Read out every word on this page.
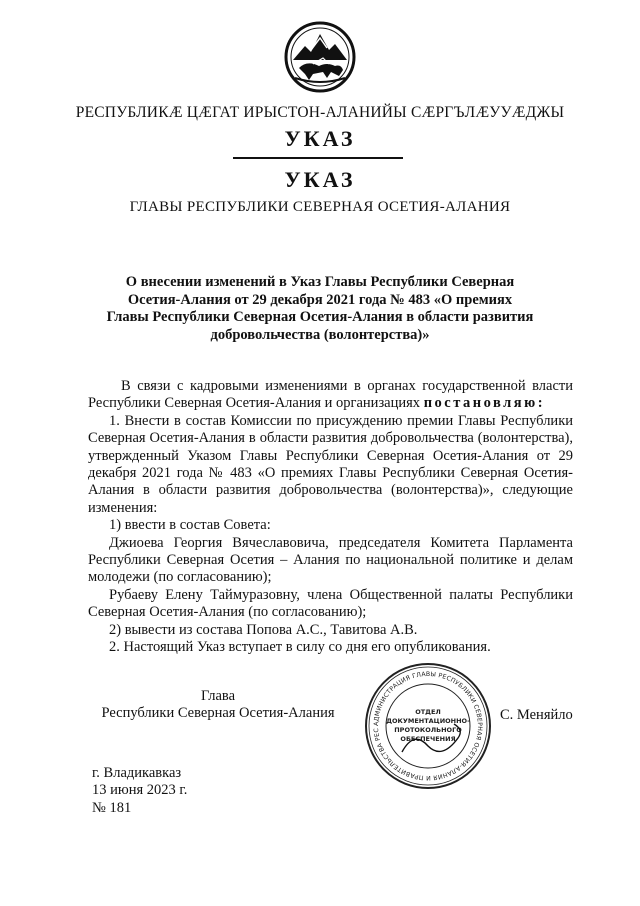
РЕСПУБЛИКÆ ЦÆГАТ ИРЫСТОН-АЛАНИЙЫ СÆРГЪЛÆУУÆДЖЫ
УКАЗ
УКАЗ
ГЛАВЫ РЕСПУБЛИКИ СЕВЕРНАЯ ОСЕТИЯ-АЛАНИЯ
О внесении изменений в Указ Главы Республики Северная
Осетия-Алания от 29 декабря 2021 года № 483 «О премиях
Главы Республики Северная Осетия-Алания в области развития
добровольчества (волонтерства)»

В связи с кадровыми изменениями в органах государственной власти Республики Северная Осетия-Алания и организациях постановляю:

1. Внести в состав Комиссии по присуждению премии Главы Республики Северная Осетия-Алания в области развития добровольчества (волонтерства), утвержденный Указом Главы Республики Северная Осетия-Алания от 29 декабря 2021 года № 483 «О премиях Главы Республики Северная Осетия-Алания в области развития добровольчества (волонтерства)», следующие изменения:

1) ввести в состав Совета:

Джиоева Георгия Вячеславовича, председателя Комитета Парламента Республики Северная Осетия – Алания по национальной политике и делам молодежи (по согласованию);

Рубаеву Елену Таймуразовну, члена Общественной палаты Республики Северная Осетия-Алания (по согласованию);

2) вывести из состава Попова А.С., Тавитова А.В.

2. Настоящий Указ вступает в силу со дня его опубликования.

Глава
Республики Северная Осетия-Алания
АДМИНИСТРАЦИЯ ГЛАВЫ РЕСПУБЛИКИ СЕВЕРНАЯ ОСЕТИЯ-АЛАНИЯ И ПРАВИТЕЛЬСТВА РЕС
ОТДЕЛ
ДОКУМЕНТАЦИОННО-
ПРОТОКОЛЬНОГО
ОБЕСПЕЧЕНИЯ
С. Меняйло
г. Владикавказ
13 июня 2023 г.
№ 181
